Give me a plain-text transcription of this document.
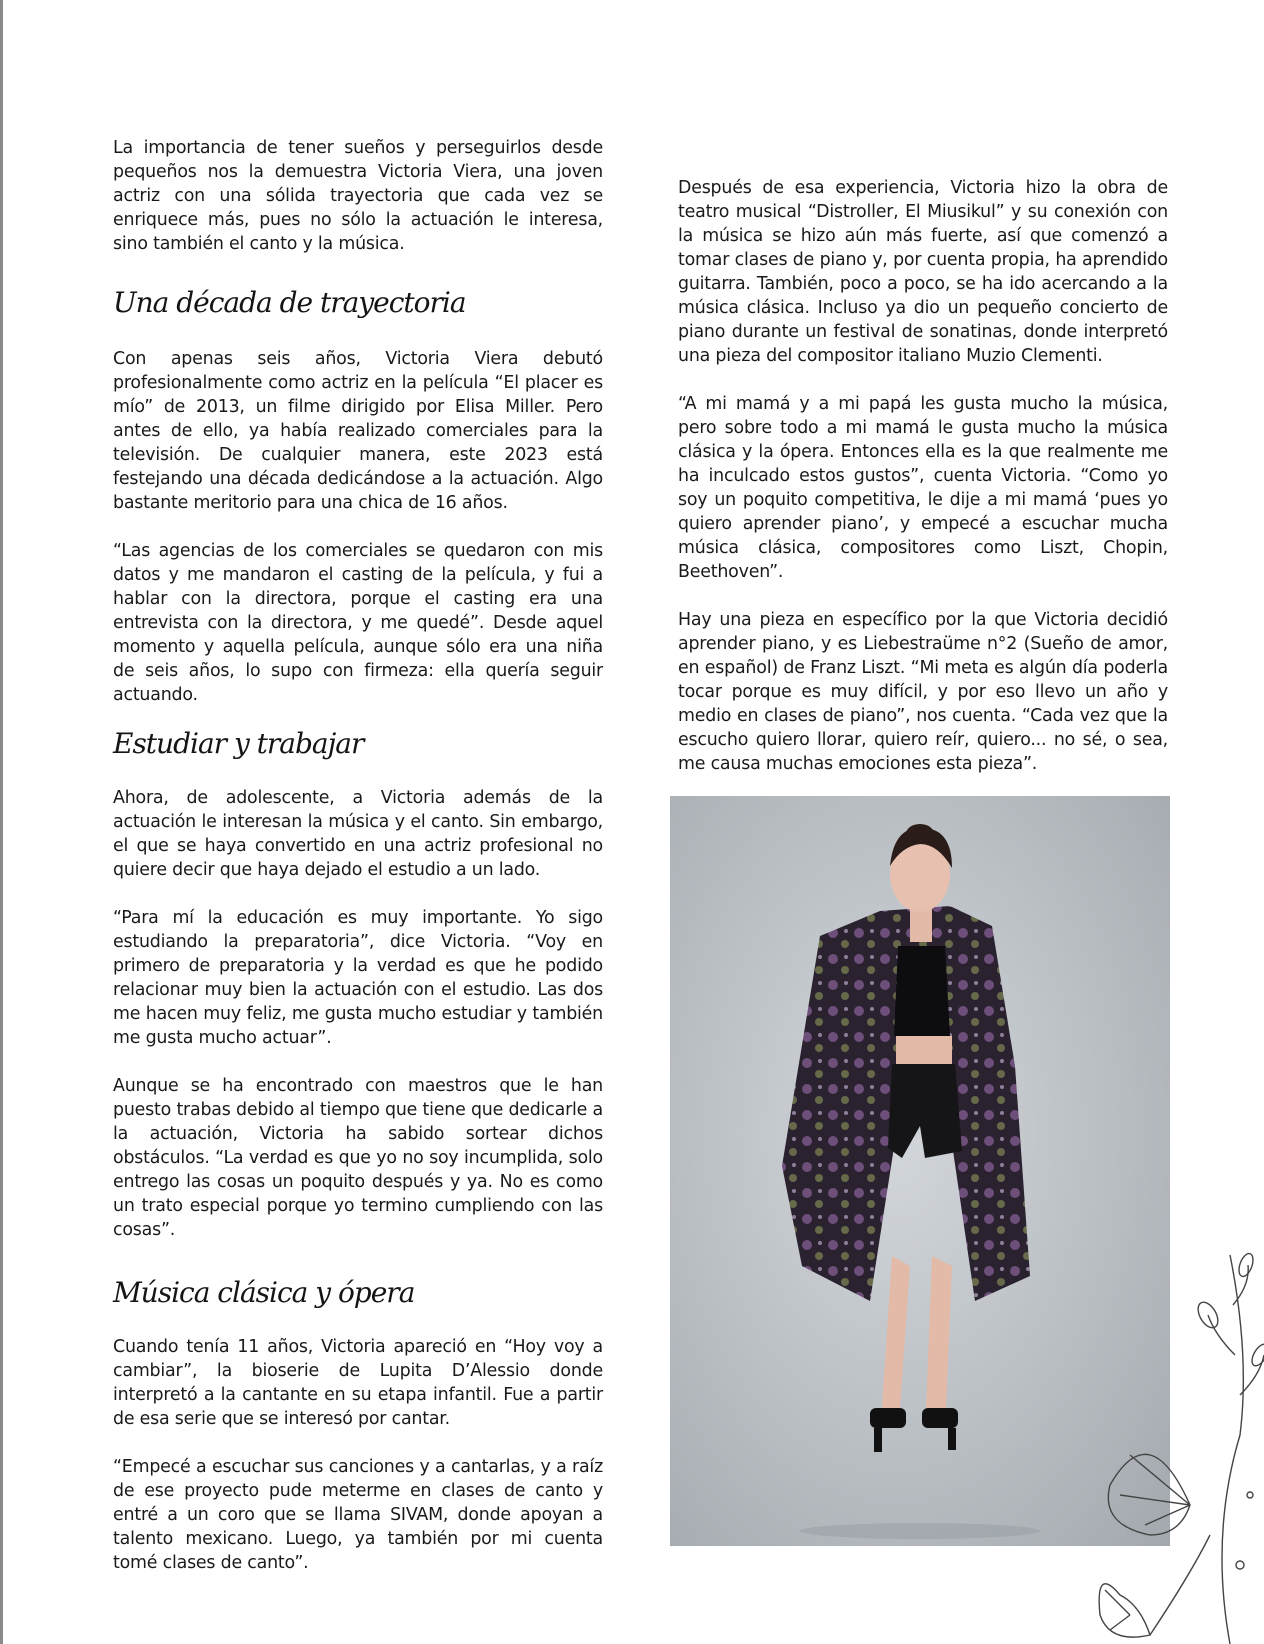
La importancia de tener sueños y perseguirlos desde pequeños nos la demuestra Victoria Viera, una joven actriz con una sólida trayectoria que cada vez se enriquece más, pues no sólo la actuación le interesa, sino también el canto y la música.

Una década de trayectoria

Con apenas seis años, Victoria Viera debutó profesionalmente como actriz en la película “El placer es mío” de 2013, un filme dirigido por Elisa Miller. Pero antes de ello, ya había realizado comerciales para la televisión. De cualquier manera, este 2023 está festejando una década dedicándose a la actuación. Algo bastante meritorio para una chica de 16 años.

“Las agencias de los comerciales se quedaron con mis datos y me mandaron el casting de la película, y fui a hablar con la directora, porque el casting era una entrevista con la directora, y me quedé”. Desde aquel momento y aquella película, aunque sólo era una niña de seis años, lo supo con firmeza: ella quería seguir actuando.

Estudiar y trabajar

Ahora, de adolescente, a Victoria además de la actuación le interesan la música y el canto. Sin embargo, el que se haya convertido en una actriz profesional no quiere decir que haya dejado el estudio a un lado.

“Para mí la educación es muy importante. Yo sigo estudiando la preparatoria”, dice Victoria. “Voy en primero de preparatoria y la verdad es que he podido relacionar muy bien la actuación con el estudio. Las dos me hacen muy feliz, me gusta mucho estudiar y también me gusta mucho actuar”.

Aunque se ha encontrado con maestros que le han puesto trabas debido al tiempo que tiene que dedicarle a la actuación, Victoria ha sabido sortear dichos obstáculos. “La verdad es que yo no soy incumplida, solo entrego las cosas un poquito después y ya. No es como un trato especial porque yo termino cumpliendo con las cosas”.

Música clásica y ópera

Cuando tenía 11 años, Victoria apareció en “Hoy voy a cambiar”, la bioserie de Lupita D’Alessio donde interpretó a la cantante en su etapa infantil. Fue a partir de esa serie que se interesó por cantar.

“Empecé a escuchar sus canciones y a cantarlas, y a raíz de ese proyecto pude meterme en clases de canto y entré a un coro que se llama SIVAM, donde apoyan a talento mexicano. Luego, ya también por mi cuenta tomé clases de canto”.

Después de esa experiencia, Victoria hizo la obra de teatro musical “Distroller, El Miusikul” y su conexión con la música se hizo aún más fuerte, así que comenzó a tomar clases de piano y, por cuenta propia, ha aprendido guitarra. También, poco a poco, se ha ido acercando a la música clásica. Incluso ya dio un pequeño concierto de piano durante un festival de sonatinas, donde interpretó una pieza del compositor italiano Muzio Clementi.

“A mi mamá y a mi papá les gusta mucho la música, pero sobre todo a mi mamá le gusta mucho la música clásica y la ópera. Entonces ella es la que realmente me ha inculcado estos gustos”, cuenta Victoria. “Como yo soy un poquito competitiva, le dije a mi mamá ‘pues yo quiero aprender piano’, y empecé a escuchar mucha música clásica, compositores como Liszt, Chopin, Beethoven”.

Hay una pieza en específico por la que Victoria decidió aprender piano, y es Liebestraüme n°2 (Sueño de amor, en español) de Franz Liszt. “Mi meta es algún día poderla tocar porque es muy difícil, y por eso llevo un año y medio en clases de piano”, nos cuenta. “Cada vez que la escucho quiero llorar, quiero reír, quiero... no sé, o sea, me causa muchas emociones esta pieza”.
